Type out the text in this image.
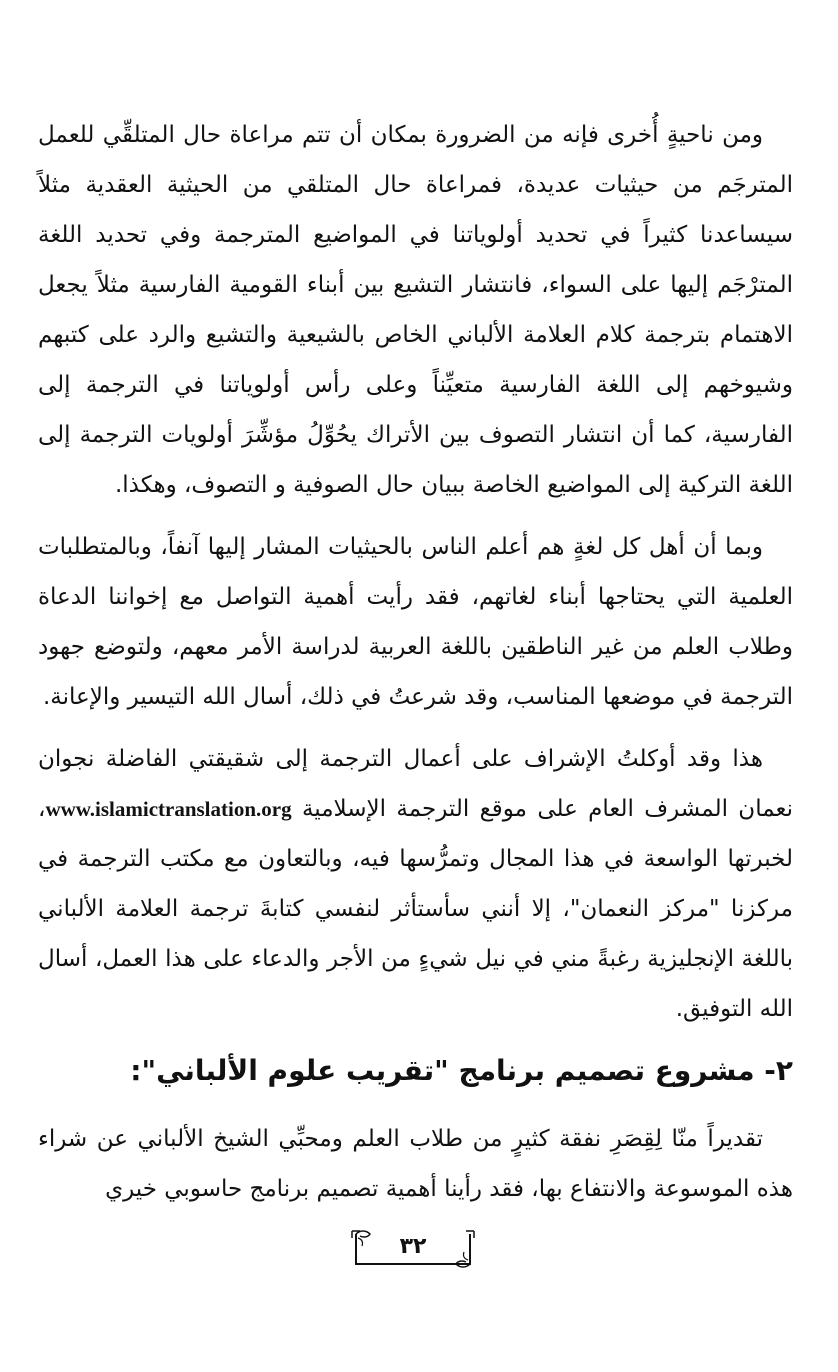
ومن ناحيةٍ أُخرى فإنه من الضرورة بمكان أن تتم مراعاة حال المتلقِّي للعمل المترجَم من حيثيات عديدة، فمراعاة حال المتلقي من الحيثية العقدية مثلاً سيساعدنا كثيراً في تحديد أولوياتنا في المواضيع المترجمة وفي تحديد اللغة المترْجَم إليها على السواء، فانتشار التشيع بين أبناء القومية الفارسية مثلاً يجعل الاهتمام بترجمة كلام العلامة الألباني الخاص بالشيعية والتشيع والرد على كتبهم وشيوخهم إلى اللغة الفارسية متعيِّناً وعلى رأس أولوياتنا في الترجمة إلى الفارسية، كما أن انتشار التصوف بين الأتراك يحُوِّلُ مؤشِّرَ أولويات الترجمة إلى اللغة التركية إلى المواضيع الخاصة ببيان حال الصوفية و التصوف، وهكذا.

وبما أن أهل كل لغةٍ هم أعلم الناس بالحيثيات المشار إليها آنفاً، وبالمتطلبات العلمية التي يحتاجها أبناء لغاتهم، فقد رأيت أهمية التواصل مع إخواننا الدعاة وطلاب العلم من غير الناطقين باللغة العربية لدراسة الأمر معهم، ولتوضع جهود الترجمة في موضعها المناسب، وقد شرعتُ في ذلك، أسال الله التيسير والإعانة.

هذا وقد أوكلتُ الإشراف على أعمال الترجمة إلى شقيقتي الفاضلة نجوان نعمان المشرف العام على موقع الترجمة الإسلامية www.islamictranslation.org، لخبرتها الواسعة في هذا المجال وتمرُّسها فيه، وبالتعاون مع مكتب الترجمة في مركزنا "مركز النعمان"، إلا أنني سأستأثر لنفسي كتابةَ ترجمة العلامة الألباني باللغة الإنجليزية رغبةً مني في نيل شيءٍ من الأجر والدعاء على هذا العمل، أسال الله التوفيق.

٢- مشروع تصميم برنامج "تقريب علوم الألباني":

تقديراً منّا لِقِصَرِ نفقة كثيرٍ من طلاب العلم ومحبِّي الشيخ الألباني عن شراء هذه الموسوعة والانتفاع بها، فقد رأينا أهمية تصميم برنامج حاسوبي خيري

٣٢
